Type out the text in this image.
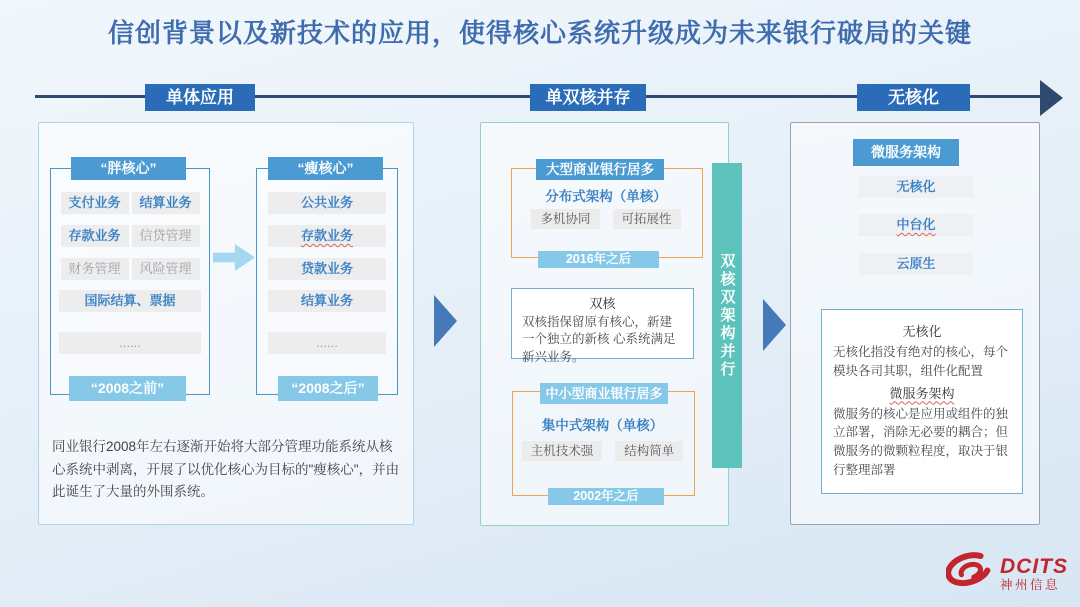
信创背景以及新技术的应用，使得核心系统升级成为未来银行破局的关键
单体应用	单双核并存	无核化
“胖核心”	“瘦核心”
支付业务	结算业务
存款业务	信贷管理
财务管理	风险管理
国际结算、票据
......
公共业务
存款业务
贷款业务
结算业务
......
“2008之前”	“2008之后”
同业银行2008年左右逐渐开始将大部分管理功能系统从核心系统中剥离，开展了以优化核心为目标的"瘦核心"，并由此诞生了大量的外围系统。
大型商业银行居多
分布式架构（单核）
多机协同	可拓展性
2016年之后
双核
双核指保留原有核心，新建一个独立的新核 心系统满足新兴业务。
中小型商业银行居多
集中式架构（单核）
主机技术强	结构简单
2002年之后
双核双架构并行
微服务架构
无核化
中台化
云原生
无核化
无核化指没有绝对的核心，每个模块各司其职，组件化配置
微服务架构
微服务的核心是应用或组件的独立部署，消除无必要的耦合；但微服务的微颗粒程度，取决于银行整理部署
DCITS
神州信息
